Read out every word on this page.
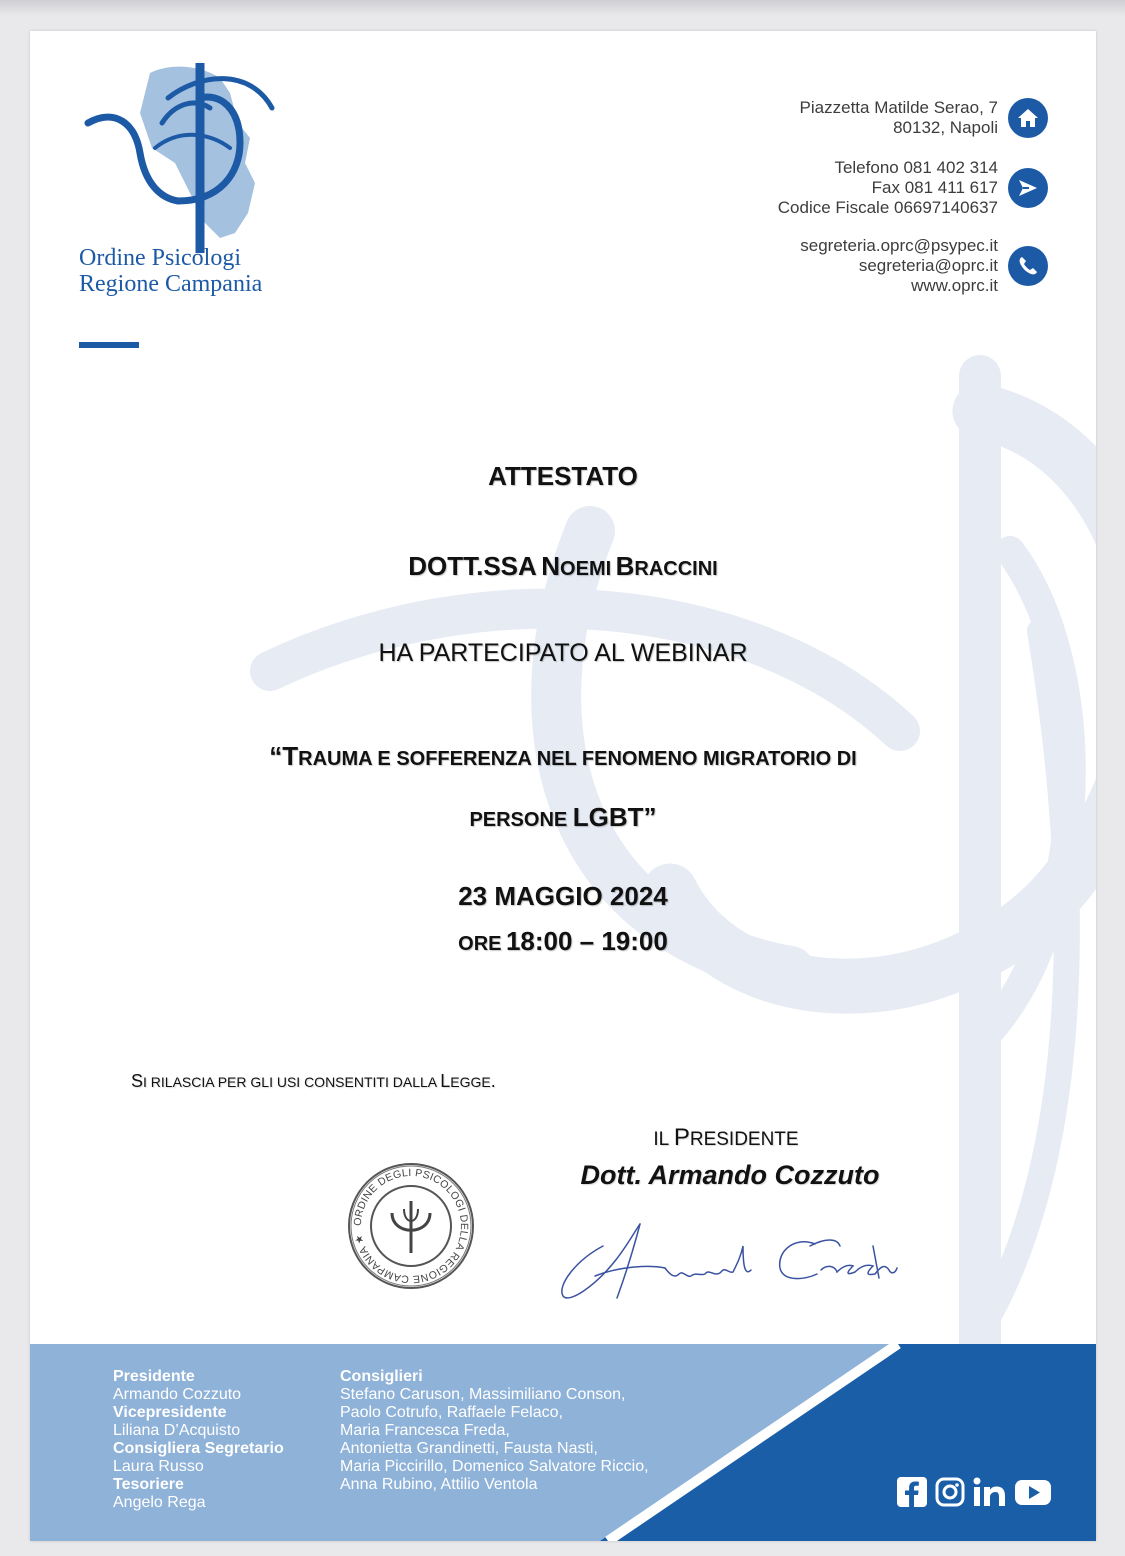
Ordine Psicologi
Regione Campania
Piazzetta Matilde Serao, 7
80132, Napoli
Telefono 081 402 314
Fax 081 411 617
Codice Fiscale 06697140637
segreteria.oprc@psypec.it
segreteria@oprc.it
www.oprc.it
ATTESTATO
DOTT.SSA NOEMI BRACCINI
HA PARTECIPATO AL WEBINAR
“TRAUMA E SOFFERENZA NEL FENOMENO MIGRATORIO DI
PERSONE LGBT”
23 MAGGIO 2024
ORE 18:00 – 19:00
SI RILASCIA PER GLI USI CONSENTITI DALLA LEGGE.
IL PRESIDENTE
Dott. Armando Cozzuto
ORDINE DEGLI PSICOLOGI DELLA REGIONE CAMPANIA ★
Presidente
Armando Cozzuto
Vicepresidente
Liliana D’Acquisto
Consigliera Segretario
Laura Russo
Tesoriere
Angelo Rega
Consiglieri
Stefano Caruson, Massimiliano Conson,
Paolo Cotrufo, Raffaele Felaco,
Maria Francesca Freda,
Antonietta Grandinetti, Fausta Nasti,
Maria Piccirillo, Domenico Salvatore Riccio,
Anna Rubino, Attilio Ventola
